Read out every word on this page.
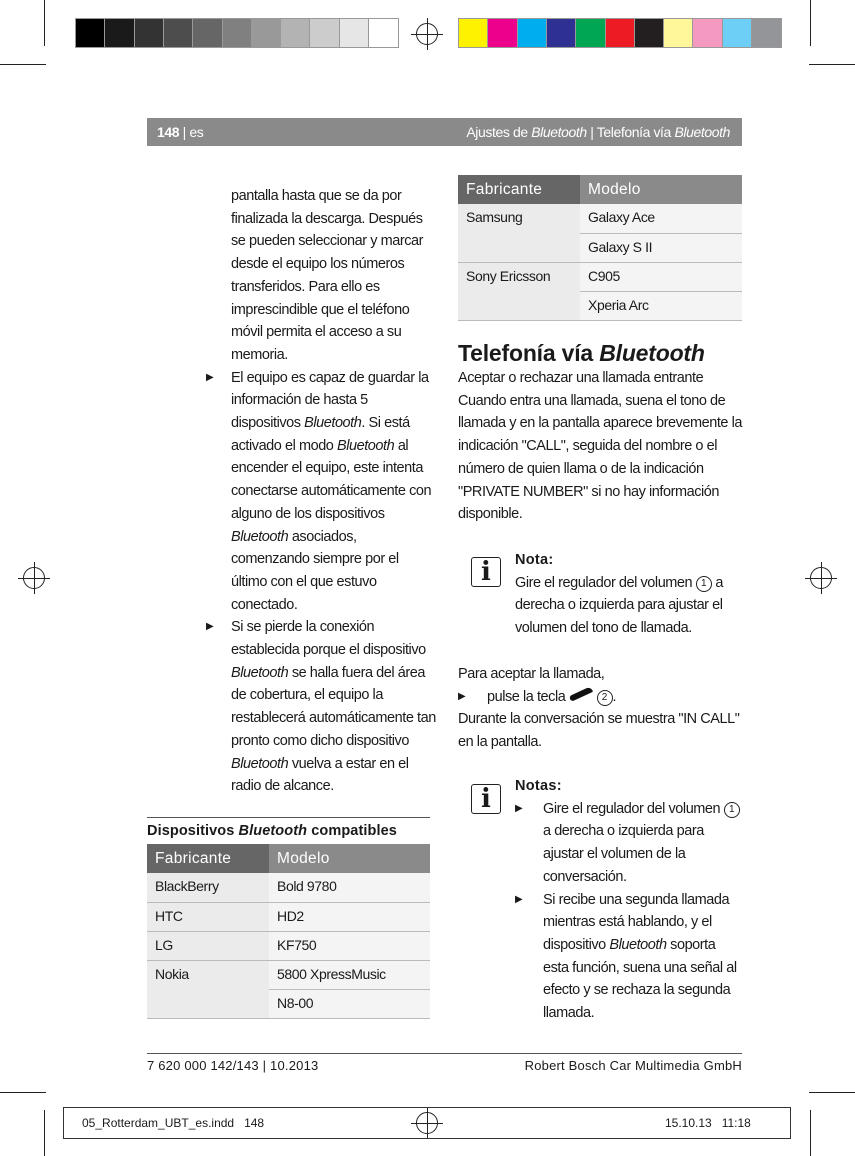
148 | es	Ajustes de Bluetooth | Telefonía vía Bluetooth
pantalla hasta que se da por finalizada la descarga. Después se pueden seleccionar y marcar desde el equipo los números transferidos. Para ello es imprescindible que el teléfono móvil permita el acceso a su memoria.
▶ El equipo es capaz de guardar la información de hasta 5 dispositivos Bluetooth. Si está activado el modo Bluetooth al encender el equipo, este intenta conectarse automáticamente con alguno de los dispositivos Bluetooth asociados, comenzando siempre por el último con el que estuvo conectado.
▶ Si se pierde la conexión establecida porque el dispositivo Bluetooth se halla fuera del área de cobertura, el equipo la restablecerá automáticamente tan pronto como dicho dispositivo Bluetooth vuelva a estar en el radio de alcance.
Dispositivos Bluetooth compatibles
Fabricante	Modelo
BlackBerry	Bold 9780
HTC	HD2
LG	KF750
Nokia	5800 XpressMusic
	N8-00
Fabricante	Modelo
Samsung	Galaxy Ace
	Galaxy S II
Sony Ericsson	C905
	Xperia Arc
Telefonía vía Bluetooth
Aceptar o rechazar una llamada entrante
Cuando entra una llamada, suena el tono de llamada y en la pantalla aparece brevemente la indicación "CALL", seguida del nombre o el número de quien llama o de la indicación "PRIVATE NUMBER" si no hay información disponible.
i	Nota:
Gire el regulador del volumen 1 a derecha o izquierda para ajustar el volumen del tono de llamada.
Para aceptar la llamada,
▶ pulse la tecla	2 .
Durante la conversación se muestra "IN CALL" en la pantalla.
i	Notas:
▶ Gire el regulador del volumen 1 a derecha o izquierda para ajustar el volumen de la conversación.
▶ Si recibe una segunda llamada mientras está hablando, y el dispositivo Bluetooth soporta esta función, suena una señal al efecto y se rechaza la segunda llamada.
7 620 000 142/143 | 10.2013	Robert Bosch Car Multimedia GmbH
05_Rotterdam_UBT_es.indd   148	15.10.13   11:18
